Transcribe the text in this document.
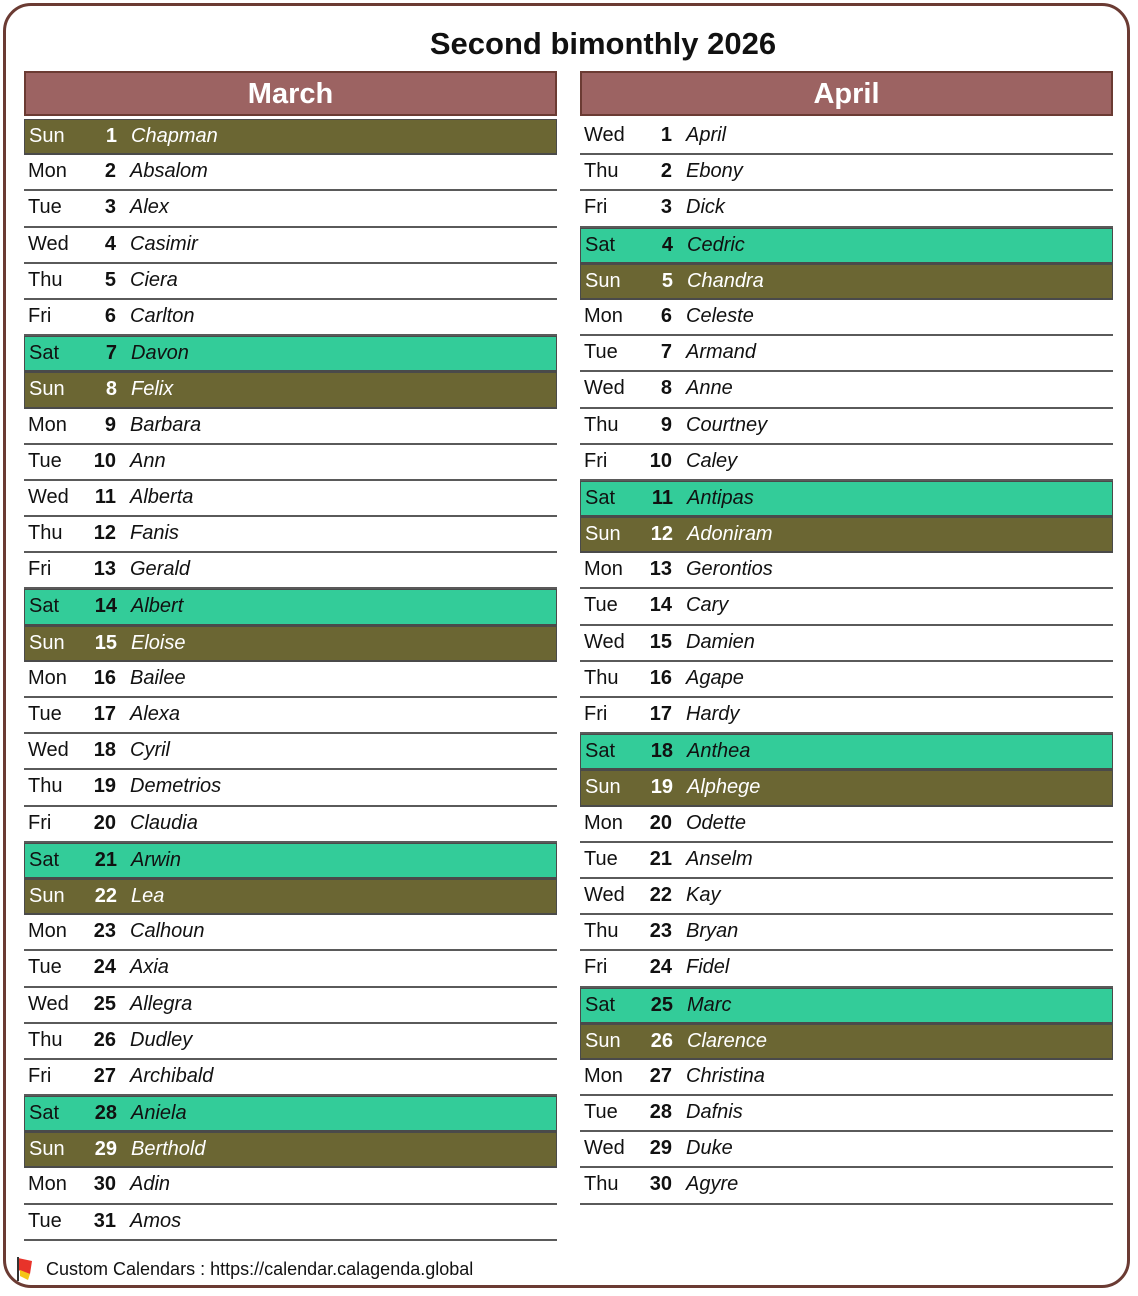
Second bimonthly 2026
March
Sun	1 Chapman
Mon	2 Absalom
Tue	3 Alex
Wed	4 Casimir
Thu	5 Ciera
Fri	6 Carlton
Sat	7 Davon
Sun	8 Felix
Mon	9 Barbara
Tue	10 Ann
Wed	11 Alberta
Thu	12 Fanis
Fri	13 Gerald
Sat	14 Albert
Sun	15 Eloise
Mon	16 Bailee
Tue	17 Alexa
Wed	18 Cyril
Thu	19 Demetrios
Fri	20 Claudia
Sat	21 Arwin
Sun	22 Lea
Mon	23 Calhoun
Tue	24 Axia
Wed	25 Allegra
Thu	26 Dudley
Fri	27 Archibald
Sat	28 Aniela
Sun	29 Berthold
Mon	30 Adin
Tue	31 Amos
April
Wed	1 April
Thu	2 Ebony
Fri	3 Dick
Sat	4 Cedric
Sun	5 Chandra
Mon	6 Celeste
Tue	7 Armand
Wed	8 Anne
Thu	9 Courtney
Fri	10 Caley
Sat	11 Antipas
Sun	12 Adoniram
Mon	13 Gerontios
Tue	14 Cary
Wed	15 Damien
Thu	16 Agape
Fri	17 Hardy
Sat	18 Anthea
Sun	19 Alphege
Mon	20 Odette
Tue	21 Anselm
Wed	22 Kay
Thu	23 Bryan
Fri	24 Fidel
Sat	25 Marc
Sun	26 Clarence
Mon	27 Christina
Tue	28 Dafnis
Wed	29 Duke
Thu	30 Agyre
Custom Calendars : https://calendar.calagenda.global
